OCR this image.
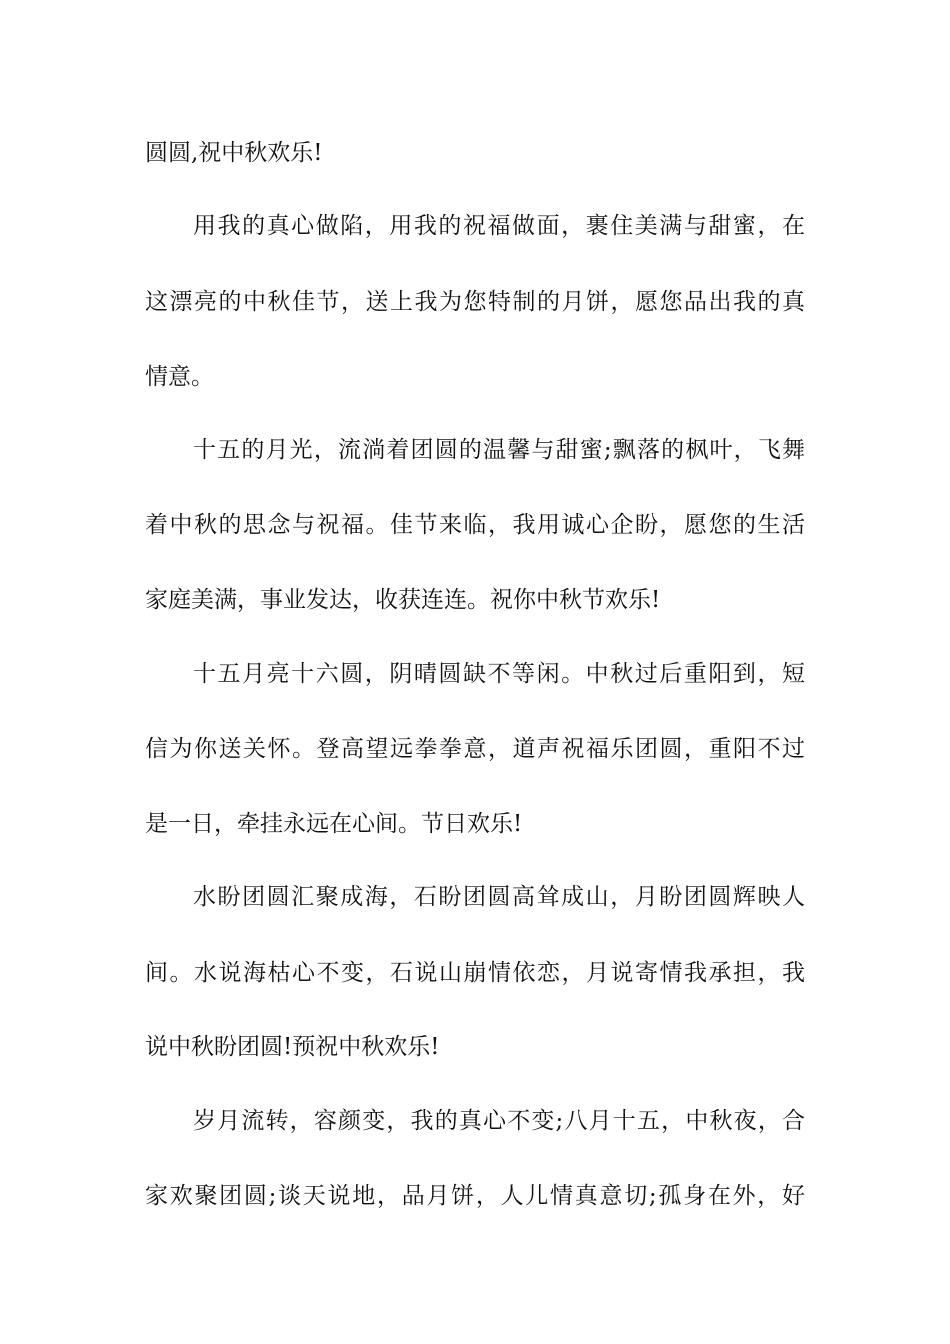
圆圆,祝中秋欢乐!
用我的真心做陷，用我的祝福做面，裹住美满与甜蜜，在
这漂亮的中秋佳节，送上我为您特制的月饼，愿您品出我的真
情意。
十五的月光，流淌着团圆的温馨与甜蜜;飘落的枫叶，飞舞
着中秋的思念与祝福。佳节来临，我用诚心企盼，愿您的生活
家庭美满，事业发达，收获连连。祝你中秋节欢乐!
十五月亮十六圆，阴晴圆缺不等闲。中秋过后重阳到，短
信为你送关怀。登高望远拳拳意，道声祝福乐团圆，重阳不过
是一日，牵挂永远在心间。节日欢乐!
水盼团圆汇聚成海，石盼团圆高耸成山，月盼团圆辉映人
间。水说海枯心不变，石说山崩情依恋，月说寄情我承担，我
说中秋盼团圆!预祝中秋欢乐!
岁月流转，容颜变，我的真心不变;八月十五，中秋夜，合
家欢聚团圆;谈天说地，品月饼，人儿情真意切;孤身在外，好
